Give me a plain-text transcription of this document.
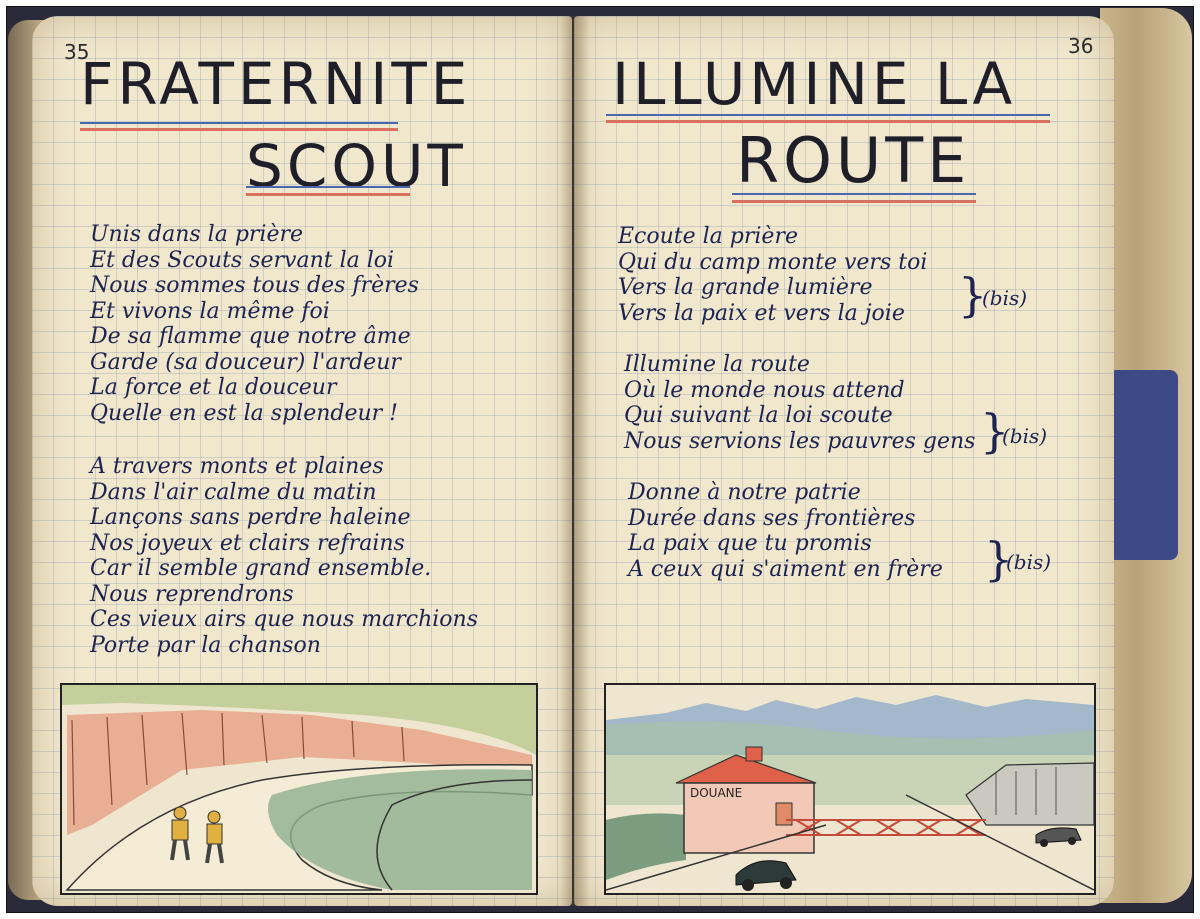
35
FRATERNITE
SCOUT
Unis dans la prière
Et des Scouts servant la loi
Nous sommes tous des frères
Et vivons la même foi
De sa flamme que notre âme
Garde (sa douceur) l'ardeur
La force et la douceur
Quelle en est la splendeur !
A travers monts et plaines
Dans l'air calme du matin
Lançons sans perdre haleine
Nos joyeux et clairs refrains
Car il semble grand ensemble.
Nous reprendrons
Ces vieux airs que nous marchions
Porte par la chanson
36
ILLUMINE LA
ROUTE
Ecoute la prière
Qui du camp monte vers toi
Vers la grande lumière
Vers la paix et vers la joie	}
(bis)
Illumine la route
Où le monde nous attend
Qui suivant la loi scoute
Nous servions les pauvres gens }
(bis)
Donne à notre patrie
Durée dans ses frontières
La paix que tu promis
A ceux qui s'aiment en frère }
(bis)
DOUANE
